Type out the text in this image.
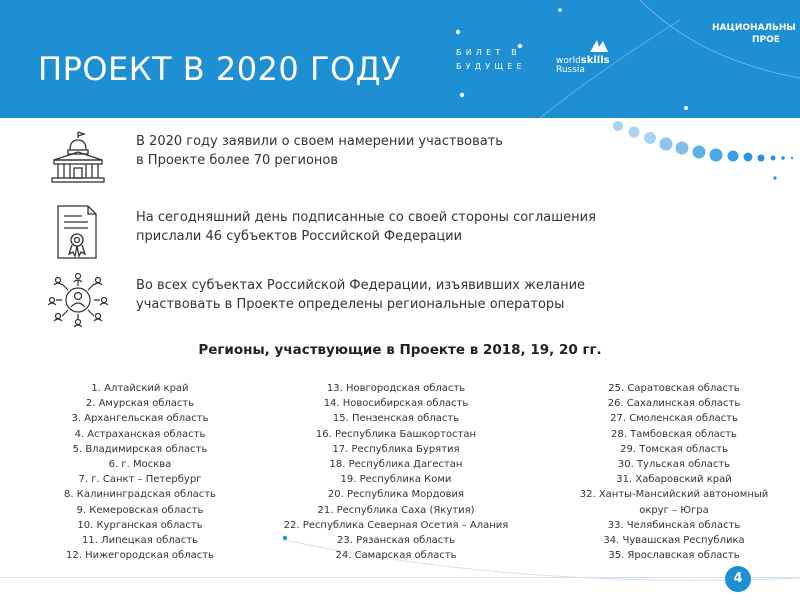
ПРОЕКТ В 2020 ГОДУ	БИЛЕТ В
БУДУЩЕЕ
worldskills
Russia
НАЦИОНАЛЬНЫ
ПРОЕ
В 2020 году заявили о своем намерении участвовать
в Проекте более 70 регионов
На сегодняшний день подписанные со своей стороны соглашения
прислали 46 субъектов Российской Федерации
Во всех субъектах Российской Федерации, изъявивших желание
участвовать в Проекте определены региональные операторы
Регионы, участвующие в Проекте в 2018, 19, 20 гг.
1. Алтайский край
2. Амурская область
3. Архангельская область
4. Астраханская область
5. Владимирская область
6. г. Москва
7. г. Санкт – Петербург
8. Калининградская область
9. Кемеровская область
10. Курганская область
11. Липецкая область
12. Нижегородская область
13. Новгородская область
14. Новосибирская область
15. Пензенская область
16. Республика Башкортостан
17. Республика Бурятия
18. Республика Дагестан
19. Республика Коми
20. Республика Мордовия
21. Республика Саха (Якутия)
22. Республика Северная Осетия – Алания
23. Рязанская область
24. Самарская область
25. Саратовская область
26. Сахалинская область
27. Смоленская область
28. Тамбовская область
29. Томская область
30. Тульская область
31. Хабаровский край
32. Ханты-Мансийский автономный
округ – Югра
33. Челябинская область
34. Чувашская Республика
35. Ярославская область
4
